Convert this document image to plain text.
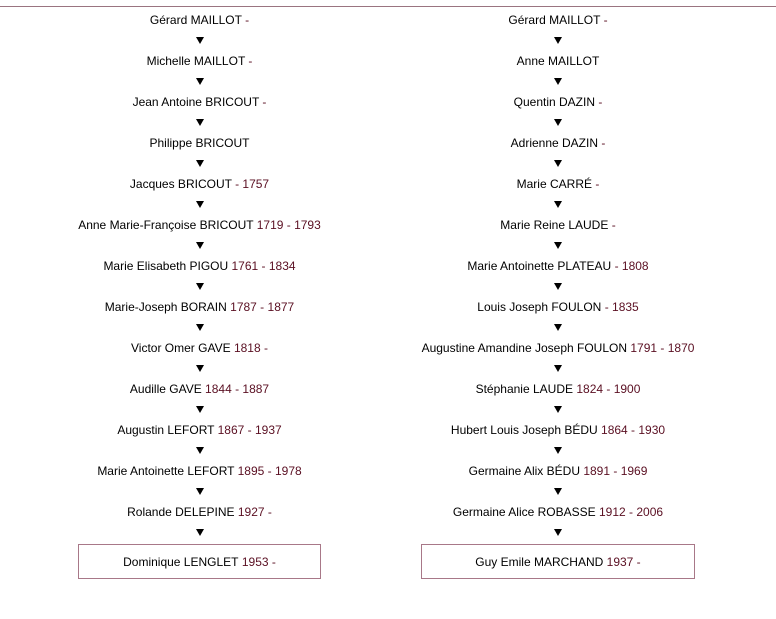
Gérard MAILLOT -
Michelle MAILLOT -
Jean Antoine BRICOUT -
Philippe BRICOUT
Jacques BRICOUT - 1757
Anne Marie-Françoise BRICOUT 1719 - 1793
Marie Elisabeth PIGOU 1761 - 1834
Marie-Joseph BORAIN 1787 - 1877
Victor Omer GAVE 1818 -
Audille GAVE 1844 - 1887
Augustin LEFORT 1867 - 1937
Marie Antoinette LEFORT 1895 - 1978
Rolande DELEPINE 1927 -
Dominique LENGLET
1953 -
Gérard MAILLOT -
Anne MAILLOT
Quentin DAZIN -
Adrienne DAZIN -
Marie CARRÉ -
Marie Reine LAUDE -
Marie Antoinette PLATEAU - 1808
Louis Joseph FOULON - 1835
Augustine Amandine Joseph FOULON 1791 - 1870
Stéphanie LAUDE 1824 - 1900
Hubert Louis Joseph BÉDU 1864 - 1930
Germaine Alix BÉDU 1891 - 1969
Germaine Alice ROBASSE 1912 - 2006
Guy Emile MARCHAND
1937 -
